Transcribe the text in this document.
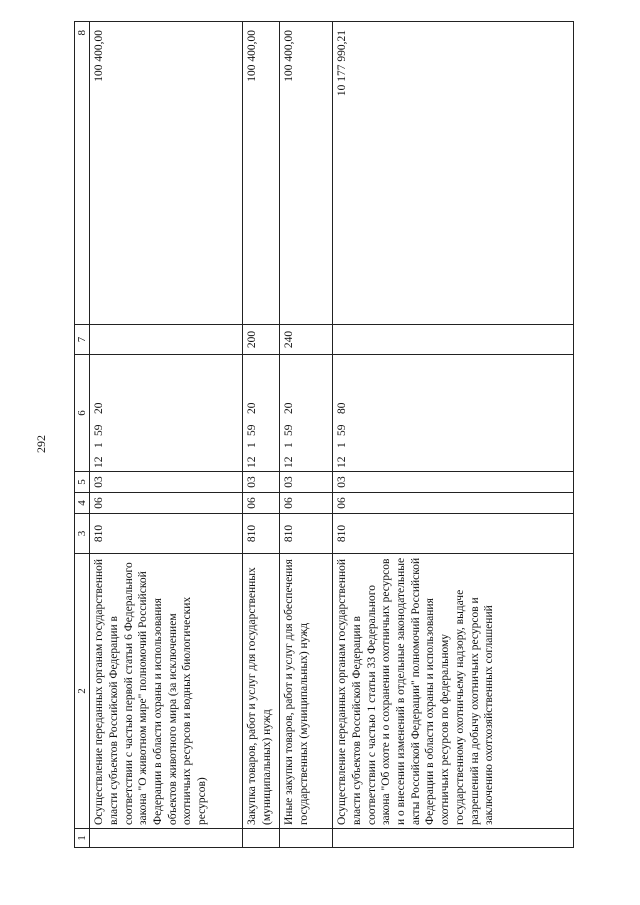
292
1	2	3	4	5	6	7	8
	Осуществление переданных органам государственной власти субъектов Российской Федерации в соответствии с частью первой статьи 6 Федерального закона "О животном мире" полномочий Российской Федерации в области охраны и использования объектов животного мира (за исключением охотничьих ресурсов и водных биологических ресурсов)	810	06	03	1215920		100 400,00
	Закупка товаров, работ и услуг для государственных (муниципальных) нужд	810	06	03	1215920	200	100 400,00
	Иные закупки товаров, работ и услуг для обеспечения государственных (муниципальных) нужд	810	06	03	1215920	240	100 400,00
	Осуществление переданных органам государственной власти субъектов Российской Федерации в соответствии с частью 1 статьи 33 Федерального закона "Об охоте и о сохранении охотничьих ресурсов и о внесении изменений в отдельные законодательные акты Российской Федерации" полномочий Российской Федерации в области охраны и использования охотничьих ресурсов по федеральному государственному охотничьему надзору, выдаче разрешений на добычу охотничьих ресурсов и заключению охотхозяйственных соглашений	810	06	03	1215980		10 177 990,21
